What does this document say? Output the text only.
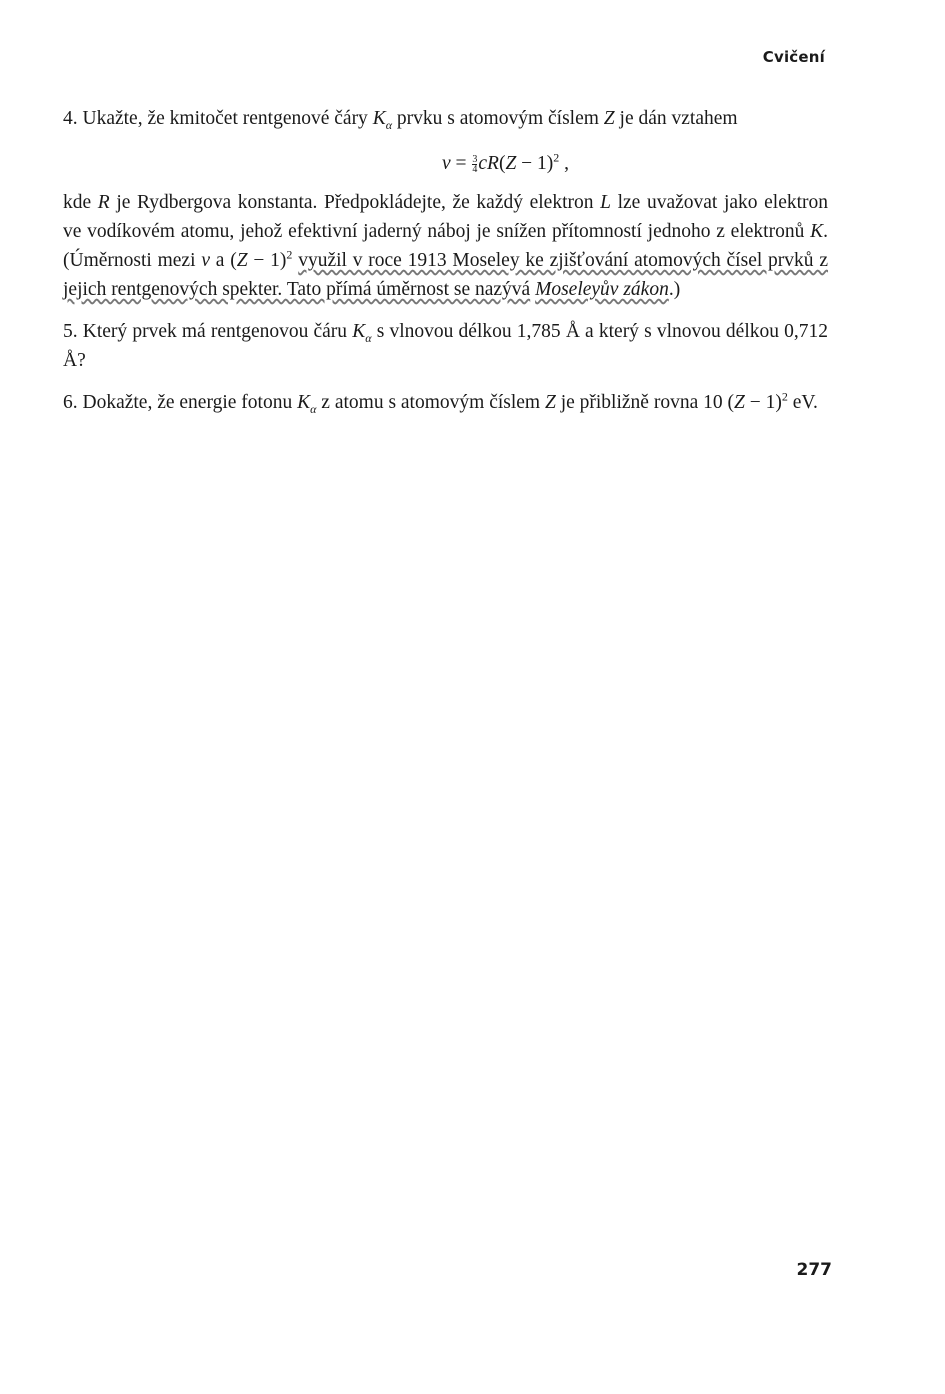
Cvičení

4. Ukažte, že kmitočet rentgenové čáry $K_\alpha$ prvku s atomovým číslem Z je dán vztahem

$\nu = \frac{3}{4} cR(Z - 1)^2$ ,

kde R je Rydbergova konstanta. Předpokládejte, že každý elektron L lze uvažovat jako elektron ve vodíkovém atomu, jehož efektivní jaderný náboj je snížen přítomností jednoho z elektronů K. (Úměrnosti mezi ν a $(Z - 1)^2$ využil v roce 1913 Moseley ke zjišťování atomových čísel prvků z jejich rentgenových spekter. Tato přímá úměrnost se nazývá Moseleyův zákon.)

5. Který prvek má rentgenovou čáru $K_\alpha$ s vlnovou délkou 1,785 Å a který s vlnovou délkou 0,712 Å?

6. Dokažte, že energie fotonu $K_\alpha$ z atomu s atomovým číslem Z je přibližně rovna 10 $(Z - 1)^2$ eV.

277
